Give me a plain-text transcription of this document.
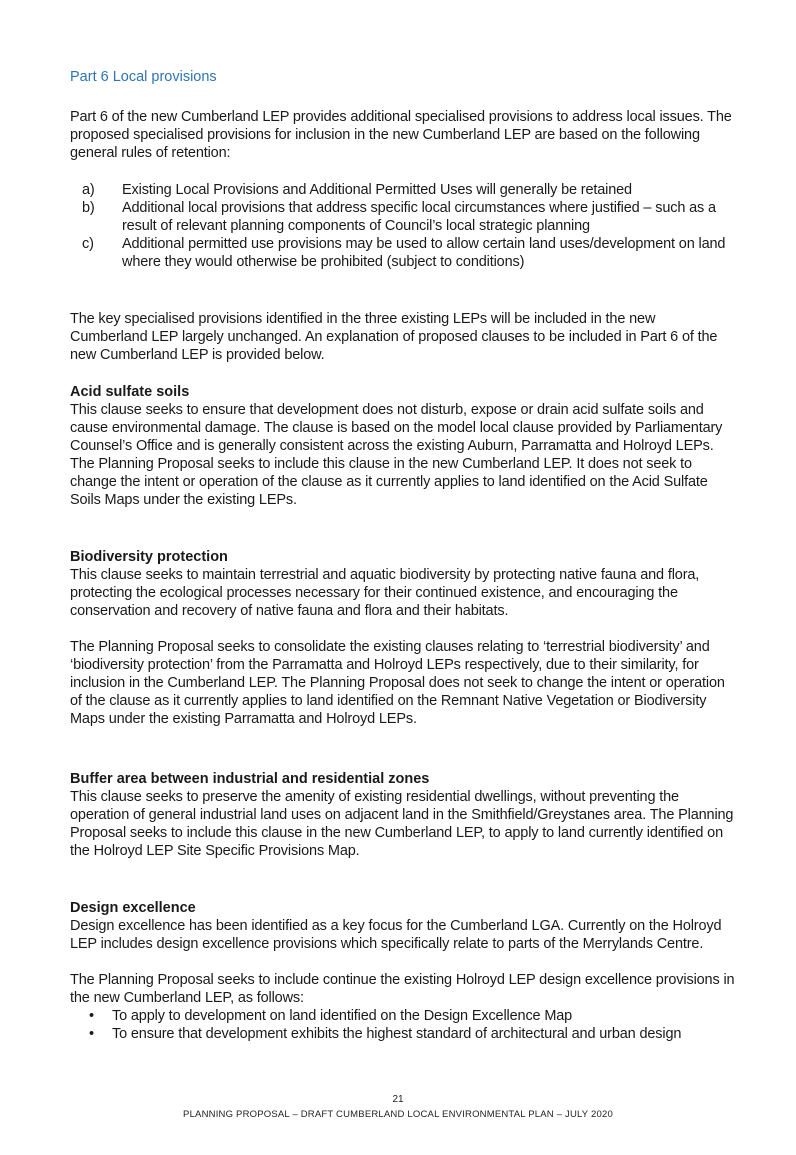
Part 6 Local provisions

Part 6 of the new Cumberland LEP provides additional specialised provisions to address local issues. The proposed specialised provisions for inclusion in the new Cumberland LEP are based on the following general rules of retention:

a) Existing Local Provisions and Additional Permitted Uses will generally be retained
b) Additional local provisions that address specific local circumstances where justified – such as a result of relevant planning components of Council’s local strategic planning
c) Additional permitted use provisions may be used to allow certain land uses/development on land where they would otherwise be prohibited (subject to conditions)

The key specialised provisions identified in the three existing LEPs will be included in the new Cumberland LEP largely unchanged. An explanation of proposed clauses to be included in Part 6 of the new Cumberland LEP is provided below.

Acid sulfate soils

This clause seeks to ensure that development does not disturb, expose or drain acid sulfate soils and cause environmental damage. The clause is based on the model local clause provided by Parliamentary Counsel’s Office and is generally consistent across the existing Auburn, Parramatta and Holroyd LEPs. The Planning Proposal seeks to include this clause in the new Cumberland LEP. It does not seek to change the intent or operation of the clause as it currently applies to land identified on the Acid Sulfate Soils Maps under the existing LEPs.

Biodiversity protection

This clause seeks to maintain terrestrial and aquatic biodiversity by protecting native fauna and flora, protecting the ecological processes necessary for their continued existence, and encouraging the conservation and recovery of native fauna and flora and their habitats.

The Planning Proposal seeks to consolidate the existing clauses relating to ‘terrestrial biodiversity’ and ‘biodiversity protection’ from the Parramatta and Holroyd LEPs respectively, due to their similarity, for inclusion in the Cumberland LEP. The Planning Proposal does not seek to change the intent or operation of the clause as it currently applies to land identified on the Remnant Native Vegetation or Biodiversity Maps under the existing Parramatta and Holroyd LEPs.

Buffer area between industrial and residential zones

This clause seeks to preserve the amenity of existing residential dwellings, without preventing the operation of general industrial land uses on adjacent land in the Smithfield/Greystanes area. The Planning Proposal seeks to include this clause in the new Cumberland LEP, to apply to land currently identified on the Holroyd LEP Site Specific Provisions Map.

Design excellence

Design excellence has been identified as a key focus for the Cumberland LGA. Currently on the Holroyd LEP includes design excellence provisions which specifically relate to parts of the Merrylands Centre.

The Planning Proposal seeks to include continue the existing Holroyd LEP design excellence provisions in the new Cumberland LEP, as follows:

• To apply to development on land identified on the Design Excellence Map
• To ensure that development exhibits the highest standard of architectural and urban design
21
PLANNING PROPOSAL – DRAFT CUMBERLAND LOCAL ENVIRONMENTAL PLAN – JULY 2020
